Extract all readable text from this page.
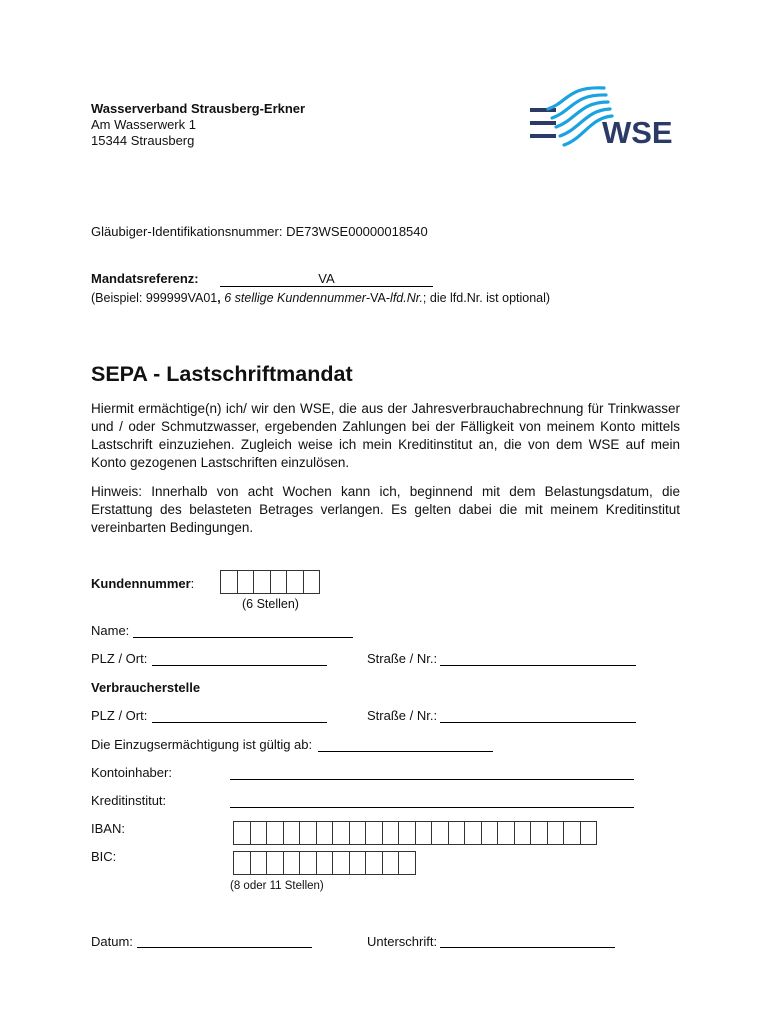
Wasserverband Strausberg-Erkner
Am Wasserwerk 1
15344 Strausberg	WSE
Gläubiger-Identifikationsnummer: DE73WSE00000018540
Mandatsreferenz:	VA
(Beispiel: 999999VA01, 6 stellige Kundennummer-VA-lfd.Nr.; die lfd.Nr. ist optional)
SEPA - Lastschriftmandat
Hiermit ermächtige(n) ich/ wir den WSE, die aus der Jahresverbrauchabrechnung für Trinkwasser und / oder Schmutzwasser, ergebenden Zahlungen bei der Fälligkeit von meinem Konto mittels Lastschrift einzuziehen. Zugleich weise ich mein Kreditinstitut an, die von dem WSE auf mein Konto gezogenen Lastschriften einzulösen.
Hinweis: Innerhalb von acht Wochen kann ich, beginnend mit dem Belastungsdatum, die Erstattung des belasteten Betrages verlangen. Es gelten dabei die mit meinem Kreditinstitut vereinbarten Bedingungen.
Kundennummer:
(6 Stellen)
Name:
PLZ / Ort:	Straße / Nr.:
Verbraucherstelle
PLZ / Ort:	Straße / Nr.:
Die Einzugsermächtigung ist gültig ab:
Kontoinhaber:
Kreditinstitut:
IBAN:
BIC:
(8 oder 11 Stellen)
Datum:	Unterschrift:
